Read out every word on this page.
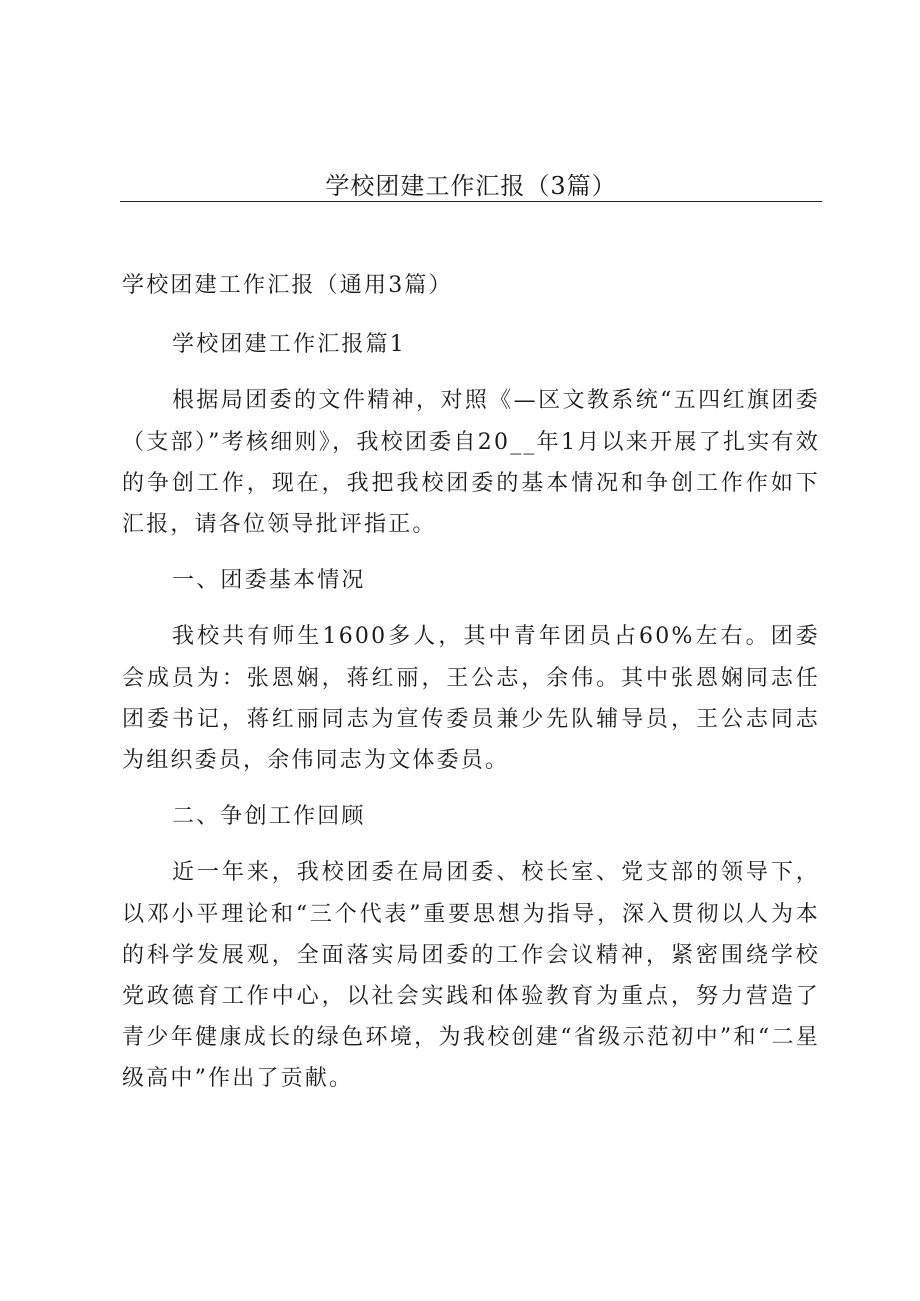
学校团建工作汇报（3篇）

学校团建工作汇报（通用3篇）

学校团建工作汇报篇1

根据局团委的文件精神，对照《—区文教系统“五四红旗团委（支部）”考核细则》，我校团委自20__年1月以来开展了扎实有效的争创工作，现在，我把我校团委的基本情况和争创工作作如下汇报，请各位领导批评指正。

一、团委基本情况

我校共有师生1600多人，其中青年团员占60%左右。团委会成员为：张恩娴，蒋红丽，王公志，余伟。其中张恩娴同志任团委书记，蒋红丽同志为宣传委员兼少先队辅导员，王公志同志为组织委员，余伟同志为文体委员。

二、争创工作回顾

近一年来，我校团委在局团委、校长室、党支部的领导下，以邓小平理论和“三个代表”重要思想为指导，深入贯彻以人为本的科学发展观，全面落实局团委的工作会议精神，紧密围绕学校党政德育工作中心，以社会实践和体验教育为重点，努力营造了青少年健康成长的绿色环境，为我校创建“省级示范初中”和“二星级高中”作出了贡献。
